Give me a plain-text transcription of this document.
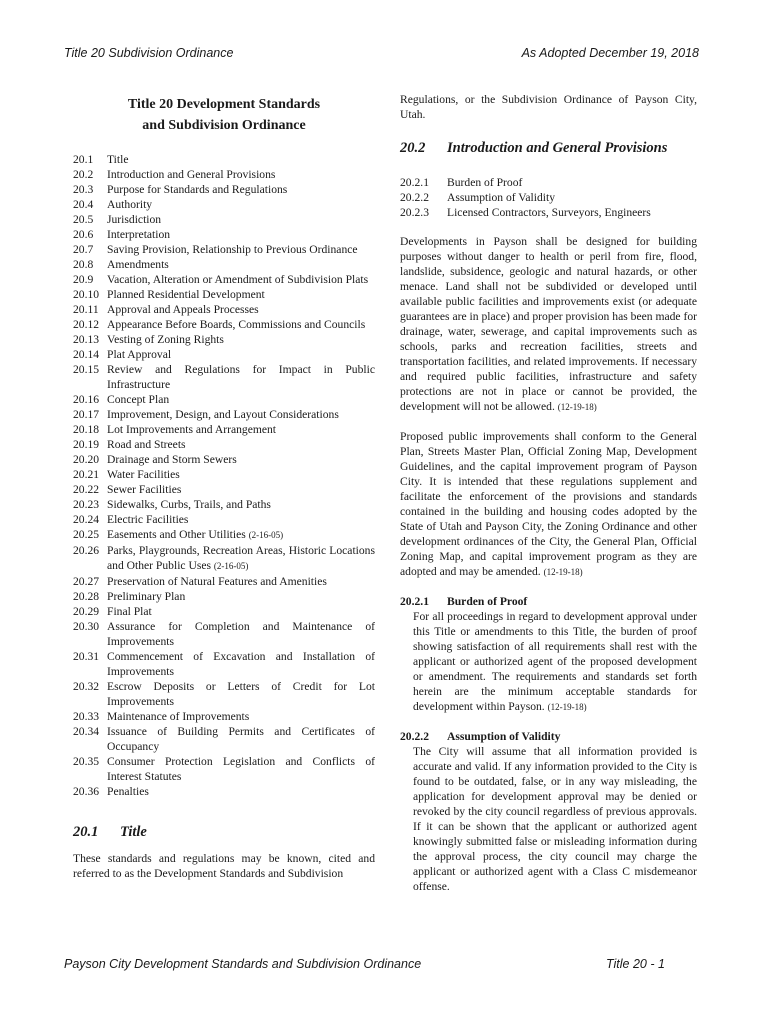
Title 20 Subdivision Ordinance	As Adopted December 19, 2018
Title 20 Development Standards
and Subdivision Ordinance
20.1	Title
20.2	Introduction and General Provisions
20.3	Purpose for Standards and Regulations
20.4	Authority
20.5	Jurisdiction
20.6	Interpretation
20.7	Saving Provision, Relationship to Previous Ordinance
20.8	Amendments
20.9	Vacation, Alteration or Amendment of Subdivision Plats
20.10 Planned Residential Development
20.11 Approval and Appeals Processes
20.12 Appearance Before Boards, Commissions and Councils
20.13 Vesting of Zoning Rights
20.14 Plat Approval
20.15 Review and Regulations for Impact in Public Infrastructure
20.16 Concept Plan
20.17 Improvement, Design, and Layout Considerations
20.18 Lot Improvements and Arrangement
20.19 Road and Streets
20.20 Drainage and Storm Sewers
20.21 Water Facilities
20.22 Sewer Facilities
20.23 Sidewalks, Curbs, Trails, and Paths
20.24 Electric Facilities
20.25 Easements and Other Utilities (2-16-05)
20.26 Parks, Playgrounds, Recreation Areas, Historic Locations and Other Public Uses (2-16-05)
20.27 Preservation of Natural Features and Amenities
20.28 Preliminary Plan
20.29 Final Plat
20.30 Assurance for Completion and Maintenance of Improvements
20.31 Commencement of Excavation and Installation of Improvements
20.32 Escrow Deposits or Letters of Credit for Lot Improvements
20.33 Maintenance of Improvements
20.34 Issuance of Building Permits and Certificates of Occupancy
20.35 Consumer Protection Legislation and Conflicts of Interest Statutes
20.36 Penalties
20.1	Title
These standards and regulations may be known, cited and referred to as the Development Standards and Subdivision
Regulations, or the Subdivision Ordinance of Payson City, Utah.
20.2	Introduction and General Provisions
20.2.1	Burden of Proof
20.2.2	Assumption of Validity
20.2.3	Licensed Contractors, Surveyors, Engineers
Developments in Payson shall be designed for building purposes without danger to health or peril from fire, flood, landslide, subsidence, geologic and natural hazards, or other menace. Land shall not be subdivided or developed until available public facilities and improvements exist (or adequate guarantees are in place) and proper provision has been made for drainage, water, sewerage, and capital improvements such as schools, parks and recreation facilities, streets and transportation facilities, and related improvements. If necessary and required public facilities, infrastructure and safety protections are not in place or cannot be provided, the development will not be allowed. (12-19-18)
Proposed public improvements shall conform to the General Plan, Streets Master Plan, Official Zoning Map, Development Guidelines, and the capital improvement program of Payson City. It is intended that these regulations supplement and facilitate the enforcement of the provisions and standards contained in the building and housing codes adopted by the State of Utah and Payson City, the Zoning Ordinance and other development ordinances of the City, the General Plan, Official Zoning Map, and capital improvement program as they are adopted and may be amended. (12-19-18)
20.2.1	Burden of Proof
For all proceedings in regard to development approval under this Title or amendments to this Title, the burden of proof showing satisfaction of all requirements shall rest with the applicant or authorized agent of the proposed development or amendment. The requirements and standards set forth herein are the minimum acceptable standards for development within Payson. (12-19-18)
20.2.2	Assumption of Validity
The City will assume that all information provided is accurate and valid. If any information provided to the City is found to be outdated, false, or in any way misleading, the application for development approval may be denied or revoked by the city council regardless of previous approvals. If it can be shown that the applicant or authorized agent knowingly submitted false or misleading information during the approval process, the city council may charge the applicant or authorized agent with a Class C misdemeanor offense.
Payson City Development Standards and Subdivision Ordinance	Title 20 - 1
